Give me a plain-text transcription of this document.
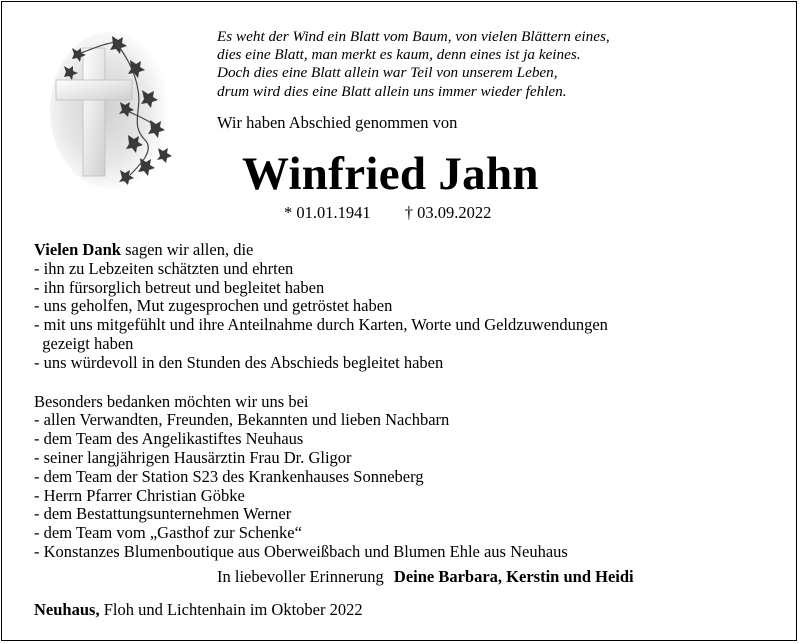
Es weht der Wind ein Blatt vom Baum, von vielen Blättern eines,
dies eine Blatt, man merkt es kaum, denn eines ist ja keines.
Doch dies eine Blatt allein war Teil von unserem Leben,
drum wird dies eine Blatt allein uns immer wieder fehlen.
Wir haben Abschied genommen von
Winfried Jahn
* 01.01.1941 † 03.09.2022
Vielen Dank sagen wir allen, die
- ihn zu Lebzeiten schätzten und ehrten
- ihn fürsorglich betreut und begleitet haben
- uns geholfen, Mut zugesprochen und getröstet haben
- mit uns mitgefühlt und ihre Anteilnahme durch Karten, Worte und Geldzuwendungen
gezeigt haben
- uns würdevoll in den Stunden des Abschieds begleitet haben
Besonders bedanken möchten wir uns bei
- allen Verwandten, Freunden, Bekannten und lieben Nachbarn
- dem Team des Angelikastiftes Neuhaus
- seiner langjährigen Hausärztin Frau Dr. Gligor
- dem Team der Station S23 des Krankenhauses Sonneberg
- Herrn Pfarrer Christian Göbke
- dem Bestattungsunternehmen Werner
- dem Team vom „Gasthof zur Schenke“
- Konstanzes Blumenboutique aus Oberweißbach und Blumen Ehle aus Neuhaus
In liebevoller Erinnerung Deine Barbara, Kerstin und Heidi
Neuhaus, Floh und Lichtenhain im Oktober 2022
